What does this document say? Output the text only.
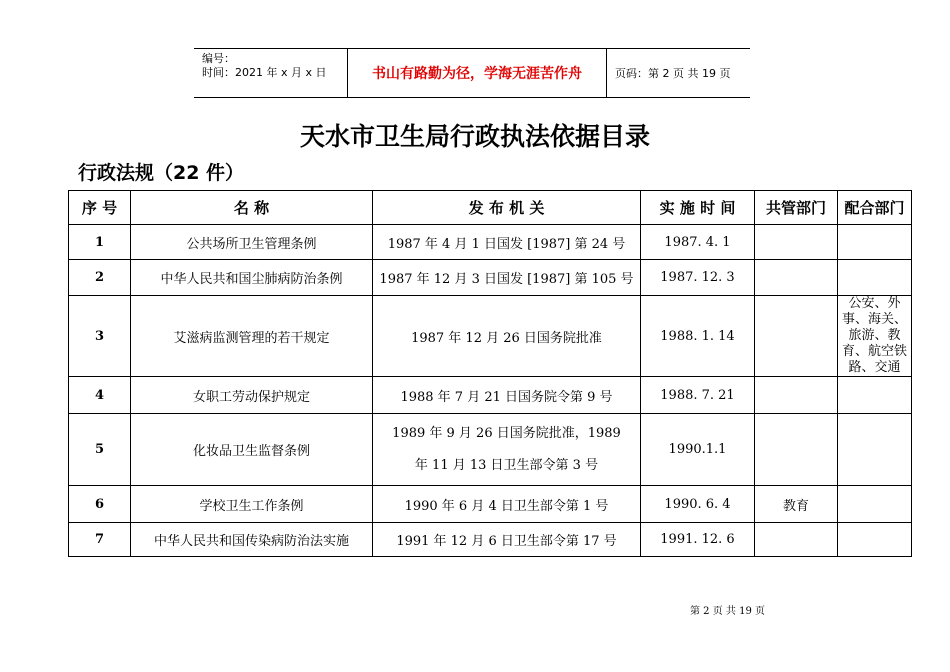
编号：
时间：2021 年 x 月 x 日	书山有路勤为径，学海无涯苦作舟	页码：第 2 页 共 19 页
天水市卫生局行政执法依据目录
行政法规（22 件）
序 号	名 称	发 布 机 关	实 施 时 间	共管部门	配合部门
1	公共场所卫生管理条例	1987 年 4 月 1 日国发 [1987] 第 24 号	1987. 4. 1		
2	中华人民共和国尘肺病防治条例	1987 年 12 月 3 日国发 [1987] 第 105 号	1987. 12. 3		
3	艾滋病监测管理的若干规定	1987 年 12 月 26 日国务院批准	1988. 1. 14		公安、外事、海关、旅游、教育、航空铁路、交通
4	女职工劳动保护规定	1988 年 7 月 21 日国务院令第 9 号	1988. 7. 21		
5	化妆品卫生监督条例	1989 年 9 月 26 日国务院批准，1989
年 11 月 13 日卫生部令第 3 号	1990.1.1		
6	学校卫生工作条例	1990 年 6 月 4 日卫生部令第 1 号	1990. 6. 4	教育	
7	中华人民共和国传染病防治法实施	1991 年 12 月 6 日卫生部令第 17 号	1991. 12. 6		
第 2 页 共 19 页
